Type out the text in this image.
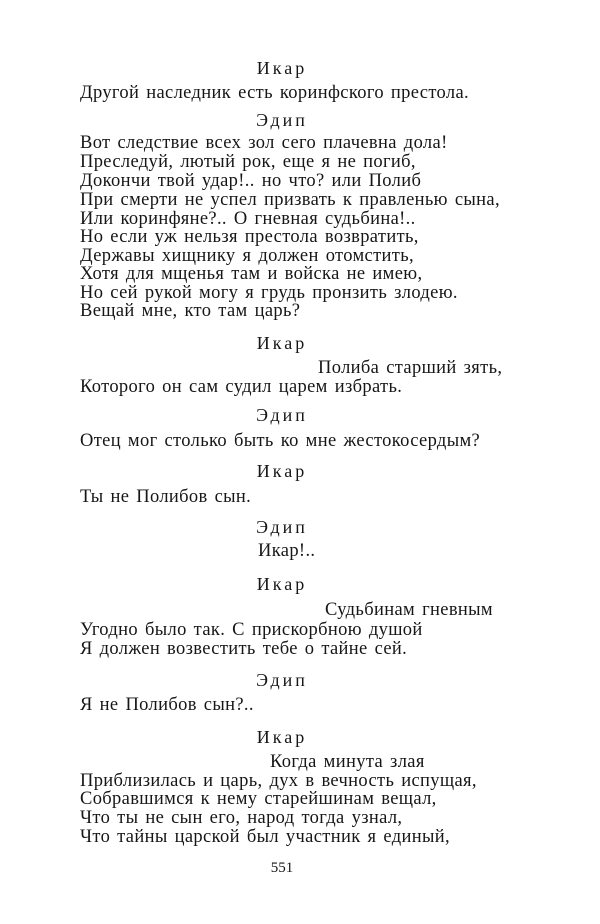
Икар
Другой наследник есть коринфского престола.
Эдип
Вот следствие всех зол сего плачевна дола!
Преследуй, лютый рок, еще я не погиб,
Докончи твой удар!.. но что? или Полиб
При смерти не успел призвать к правленью сына,
Или коринфяне?.. О гневная судьбина!..
Но если уж нельзя престола возвратить,
Державы хищнику я должен отомстить,
Хотя для мщенья там и войска не имею,
Но сей рукой могу я грудь пронзить злодею.
Вещай мне, кто там царь?
Икар
Полиба старший зять,
Которого он сам судил царем избрать.
Эдип
Отец мог столько быть ко мне жестокосердым?
Икар
Ты не Полибов сын.
Эдип
Икар!..
Икар
Судьбинам гневным
Угодно было так. С прискорбною душой
Я должен возвестить тебе о тайне сей.
Эдип
Я не Полибов сын?..
Икар
Когда минута злая
Приблизилась и царь, дух в вечность испущая,
Собравшимся к нему старейшинам вещал,
Что ты не сын его, народ тогда узнал,
Что тайны царской был участник я единый,
551
